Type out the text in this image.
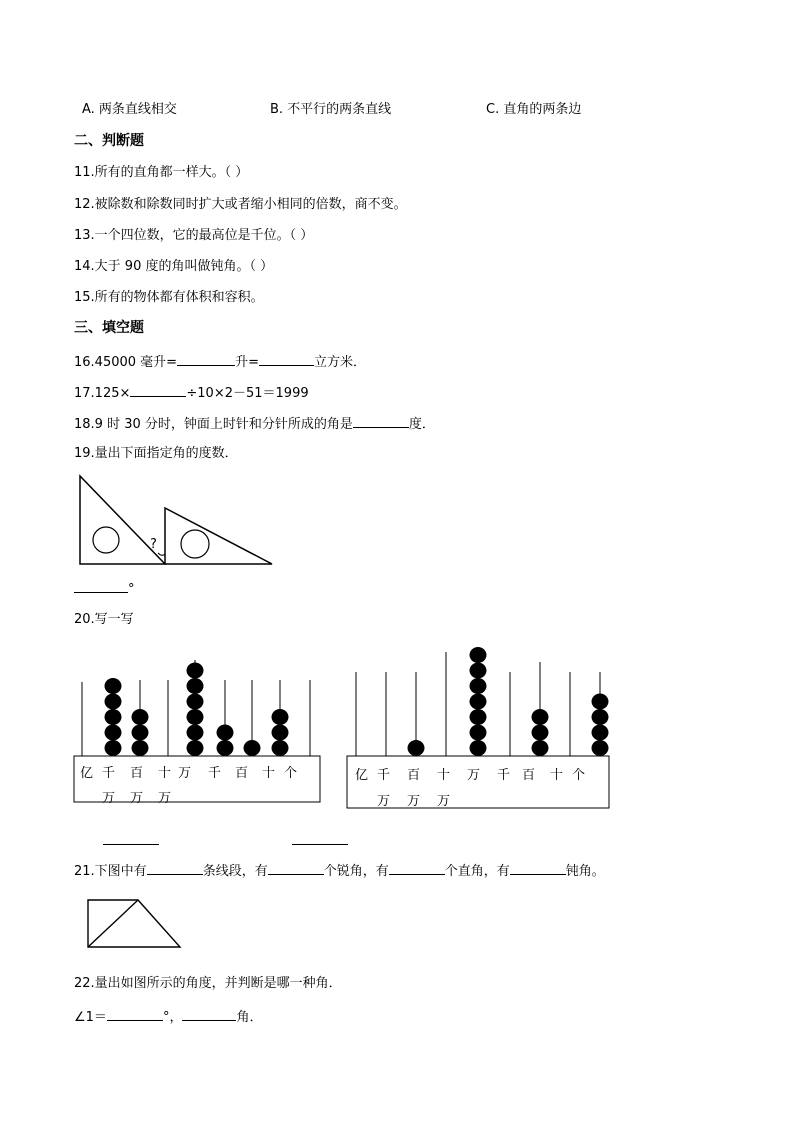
A. 两条直线相交	B. 不平行的两条直线	C. 直角的两条边
二、判断题
11.所有的直角都一样大。（ ）
12.被除数和除数同时扩大或者缩小相同的倍数，商不变。
13.一个四位数，它的最高位是千位。（ ）
14.大于 90 度的角叫做钝角。（ ）
15.所有的物体都有体积和容积。
三、填空题
16.45000 毫升=	升=	立方米．
17.125×	÷10×2－51＝1999
18.9 时 30 分时，钟面上时针和分针所成的角是	度．
19.量出下面指定角的度数．
?
°
20.写一写
亿 千 百 十 万 千 百 十 个
万 万 万
亿 千 百 十 万 千 百 十 个
万 万 万
21.下图中有	条线段，有	个锐角，有	个直角，有	钝角。
22.量出如图所示的角度，并判断是哪一种角．
∠1＝	°，	角．
